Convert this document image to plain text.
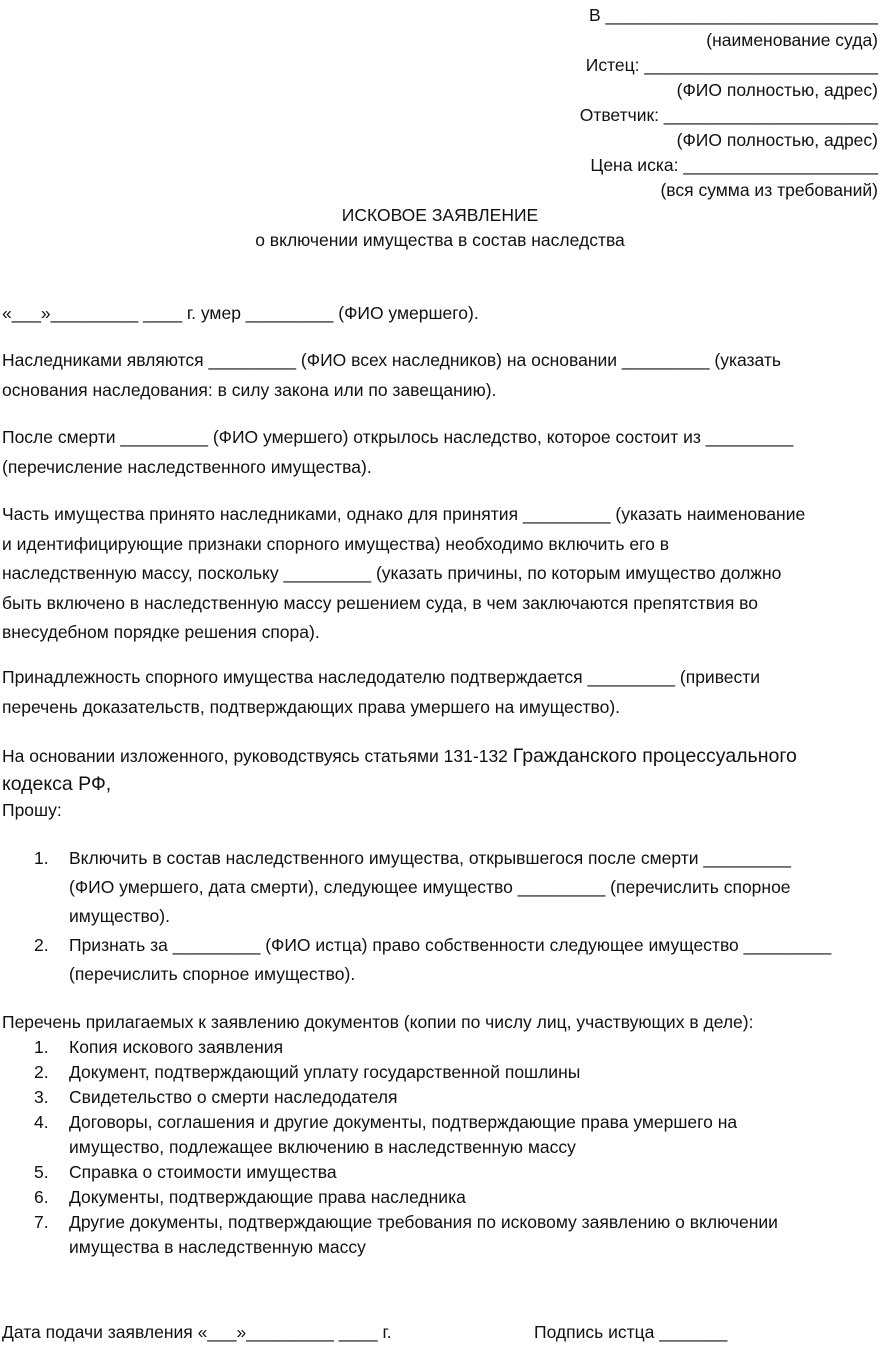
В ____________________________
(наименование суда)
Истец: ________________________
(ФИО полностью, адрес)
Ответчик: ______________________
(ФИО полностью, адрес)
Цена иска: ____________________
(вся сумма из требований)
ИСКОВОЕ ЗАЯВЛЕНИЕ
о включении имущества в состав наследства
«___»_________ ____ г. умер _________ (ФИО умершего).

Наследниками являются _________ (ФИО всех наследников) на основании _________ (указать

основания наследования: в силу закона или по завещанию).

После смерти _________ (ФИО умершего) открылось наследство, которое состоит из _________

(перечисление наследственного имущества).

Часть имущества принято наследниками, однако для принятия _________ (указать наименование

и идентифицирующие признаки спорного имущества) необходимо включить его в

наследственную массу, поскольку _________ (указать причины, по которым имущество должно

быть включено в наследственную массу решением суда, в чем заключаются препятствия во

внесудебном порядке решения спора).

Принадлежность спорного имущества наследодателю подтверждается _________ (привести

перечень доказательств, подтверждающих права умершего на имущество).

На основании изложенного, руководствуясь статьями 131-132 Гражданского процессуального
кодекса РФ,
Прошу:
1. Включить в состав наследственного имущества, открывшегося после смерти _________
(ФИО умершего, дата смерти), следующее имущество _________ (перечислить спорное
имущество).
2. Признать за _________ (ФИО истца) право собственности следующее имущество _________
(перечислить спорное имущество).
Перечень прилагаемых к заявлению документов (копии по числу лиц, участвующих в деле):
1. Копия искового заявления
2. Документ, подтверждающий уплату государственной пошлины
3. Свидетельство о смерти наследодателя
4. Договоры, соглашения и другие документы, подтверждающие права умершего на
имущество, подлежащее включению в наследственную массу
5. Справка о стоимости имущества
6. Документы, подтверждающие права наследника
7. Другие документы, подтверждающие требования по исковому заявлению о включении
имущества в наследственную массу
Дата подачи заявления «___»_________ ____ г.	Подпись истца _______
